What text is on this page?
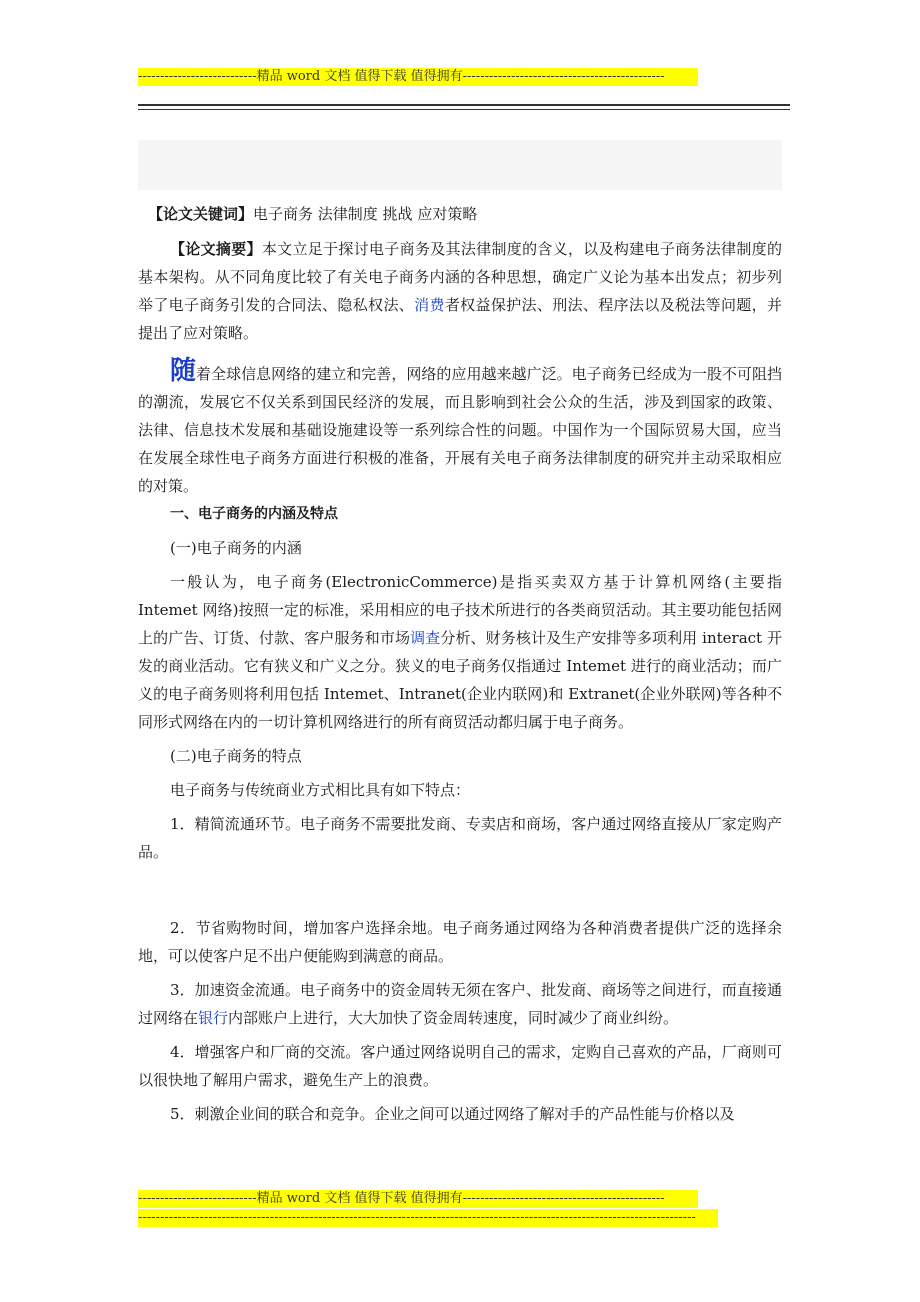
---------------------------精品 word 文档 值得下载 值得拥有----------------------------------------------

【论文关键词】电子商务 法律制度 挑战 应对策略

【论文摘要】本文立足于探讨电子商务及其法律制度的含义，以及构建电子商务法律制度的基本架构。从不同角度比较了有关电子商务内涵的各种思想，确定广义论为基本出发点；初步列举了电子商务引发的合同法、隐私权法、消费者权益保护法、刑法、程序法以及税法等问题，并提出了应对策略。

随着全球信息网络的建立和完善，网络的应用越来越广泛。电子商务已经成为一股不可阻挡的潮流，发展它不仅关系到国民经济的发展，而且影响到社会公众的生活，涉及到国家的政策、法律、信息技术发展和基础设施建设等一系列综合性的问题。中国作为一个国际贸易大国，应当在发展全球性电子商务方面进行积极的准备，开展有关电子商务法律制度的研究并主动采取相应的对策。

一、电子商务的内涵及特点

(一)电子商务的内涵

一般认为，电子商务(ElectronicCommerce)是指买卖双方基于计算机网络(主要指 Intemet 网络)按照一定的标准，采用相应的电子技术所进行的各类商贸活动。其主要功能包括网上的广告、订货、付款、客户服务和市场调查分析、财务核计及生产安排等多项利用 interact 开发的商业活动。它有狭义和广义之分。狭义的电子商务仅指通过 Intemet 进行的商业活动；而广义的电子商务则将利用包括 Intemet、Intranet(企业内联网)和 Extranet(企业外联网)等各种不同形式网络在内的一切计算机网络进行的所有商贸活动都归属于电子商务。

(二)电子商务的特点

电子商务与传统商业方式相比具有如下特点：

1．精简流通环节。电子商务不需要批发商、专卖店和商场，客户通过网络直接从厂家定购产品。

2．节省购物时间，增加客户选择余地。电子商务通过网络为各种消费者提供广泛的选择余地，可以使客户足不出户便能购到满意的商品。

3．加速资金流通。电子商务中的资金周转无须在客户、批发商、商场等之间进行，而直接通过网络在银行内部账户上进行，大大加快了资金周转速度，同时减少了商业纠纷。

4．增强客户和厂商的交流。客户通过网络说明自己的需求，定购自己喜欢的产品，厂商则可以很快地了解用户需求，避免生产上的浪费。

5．刺激企业间的联合和竞争。企业之间可以通过网络了解对手的产品性能与价格以及

---------------------------精品 word 文档 值得下载 值得拥有----------------------------------------------
-------------------------------------------------------------------------------------------------------------------------------
